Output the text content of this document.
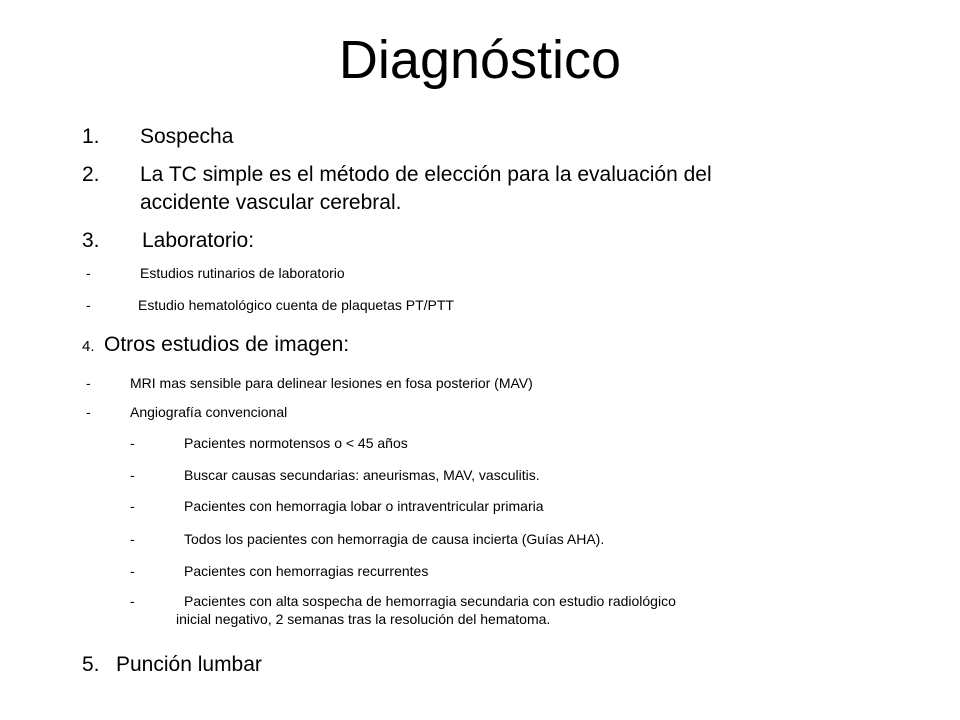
Diagnóstico
1. Sospecha
2. La TC simple es el método de elección para la evaluación del
accidente vascular cerebral.
3. Laboratorio:
-	Estudios rutinarios de laboratorio
-	Estudio hematológico cuenta de plaquetas PT/PTT
4. Otros estudios de imagen:
-	MRI mas sensible para delinear lesiones en fosa posterior (MAV)
-	Angiografía convencional
-	Pacientes normotensos o < 45 años
-	Buscar causas secundarias: aneurismas, MAV, vasculitis.
-	Pacientes con hemorragia lobar o intraventricular primaria
-	Todos los pacientes con hemorragia de causa incierta (Guías AHA).
-	Pacientes con hemorragias recurrentes
-	Pacientes con alta sospecha de hemorragia secundaria con estudio radiológico
inicial negativo, 2 semanas tras la resolución del hematoma.
5. Punción lumbar
